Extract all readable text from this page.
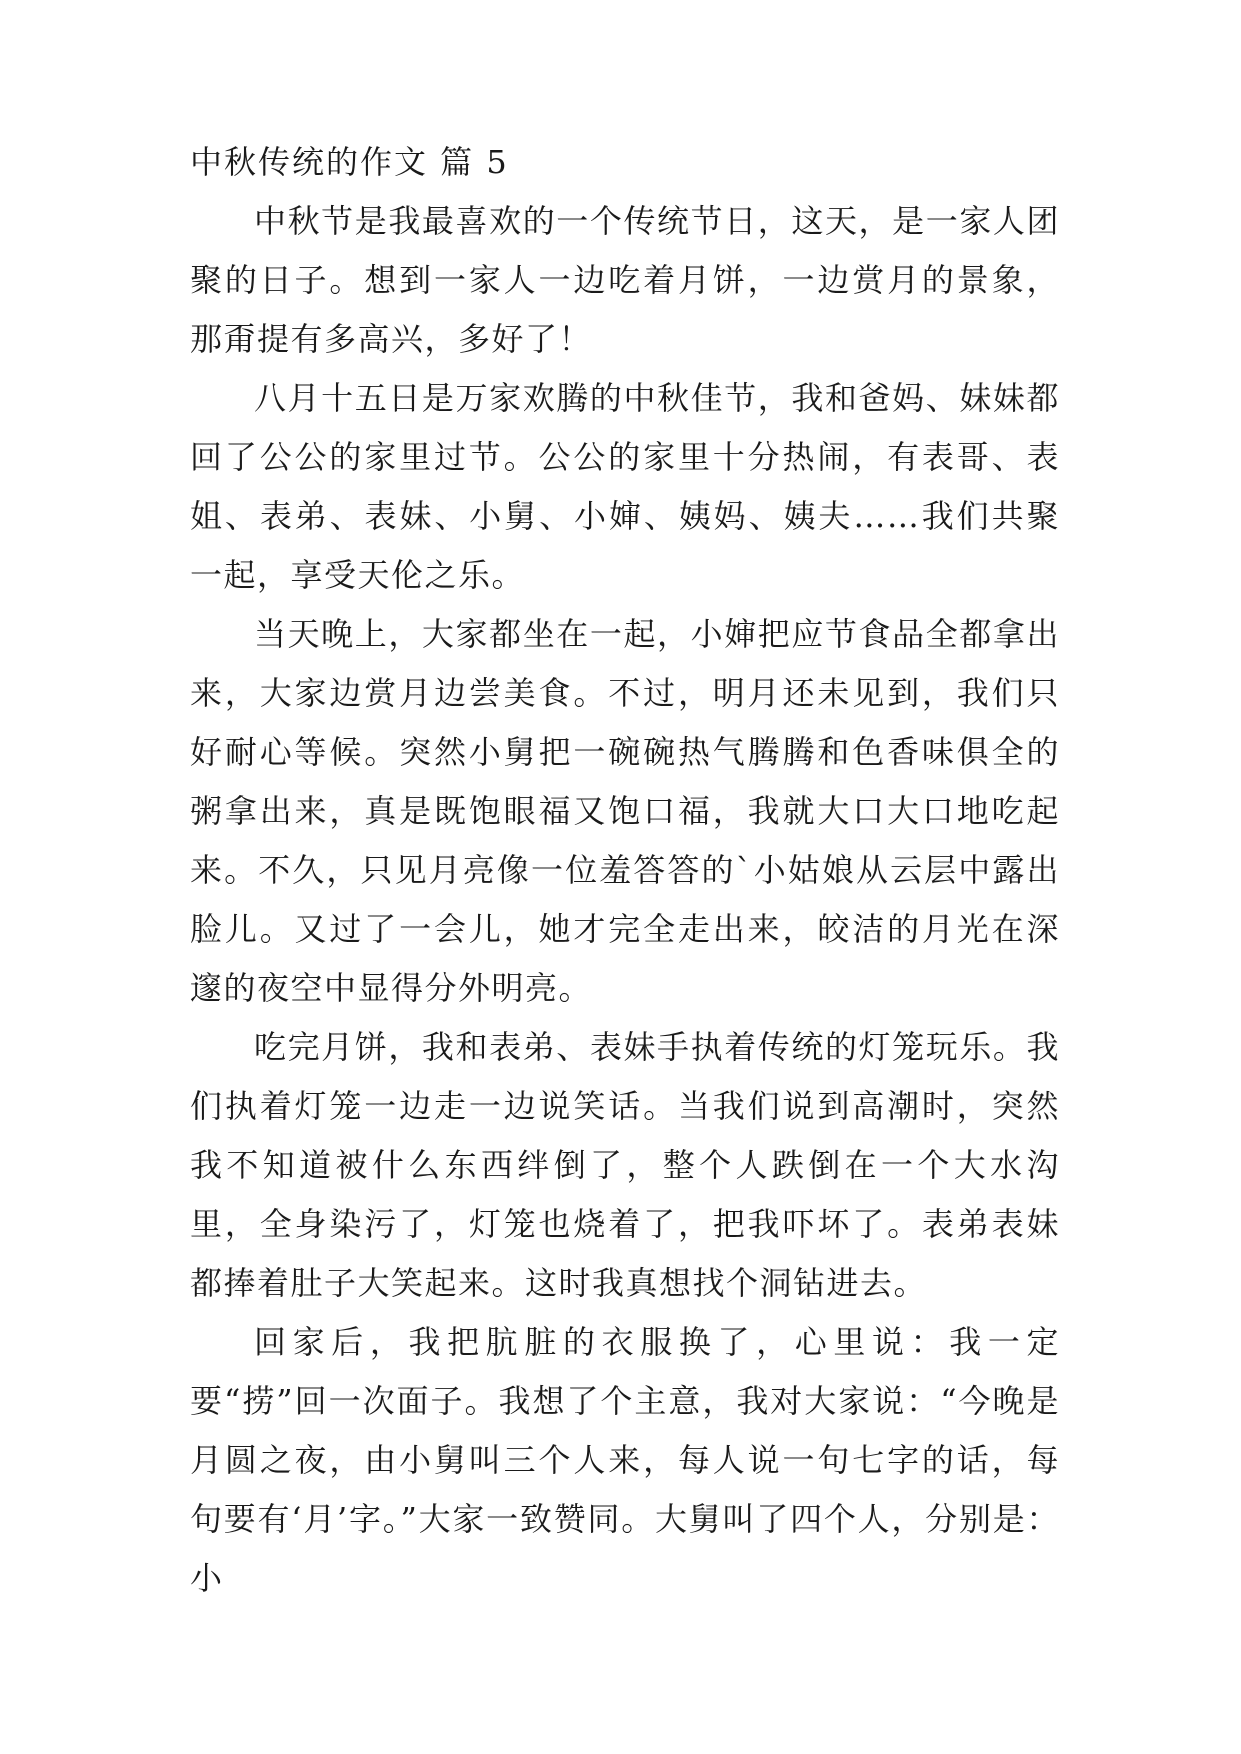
中秋传统的作文 篇 5

中秋节是我最喜欢的一个传统节日，这天，是一家人团聚的日子。想到一家人一边吃着月饼，一边赏月的景象，那甭提有多高兴，多好了！

八月十五日是万家欢腾的中秋佳节，我和爸妈、妹妹都回了公公的家里过节。公公的家里十分热闹，有表哥、表姐、表弟、表妹、小舅、小婶、姨妈、姨夫……我们共聚一起，享受天伦之乐。

当天晚上，大家都坐在一起，小婶把应节食品全都拿出来，大家边赏月边尝美食。不过，明月还未见到，我们只好耐心等候。突然小舅把一碗碗热气腾腾和色香味俱全的粥拿出来，真是既饱眼福又饱口福，我就大口大口地吃起来。不久，只见月亮像一位羞答答的`小姑娘从云层中露出脸儿。又过了一会儿，她才完全走出来，皎洁的月光在深邃的夜空中显得分外明亮。

吃完月饼，我和表弟、表妹手执着传统的灯笼玩乐。我们执着灯笼一边走一边说笑话。当我们说到高潮时，突然我不知道被什么东西绊倒了，整个人跌倒在一个大水沟里，全身染污了，灯笼也烧着了，把我吓坏了。表弟表妹都捧着肚子大笑起来。这时我真想找个洞钻进去。

回家后，我把肮脏的衣服换了，心里说：我一定要“捞”回一次面子。我想了个主意，我对大家说：“今晚是月圆之夜，由小舅叫三个人来，每人说一句七字的话，每句要有‘月’字。”大家一致赞同。大舅叫了四个人，分别是：小
